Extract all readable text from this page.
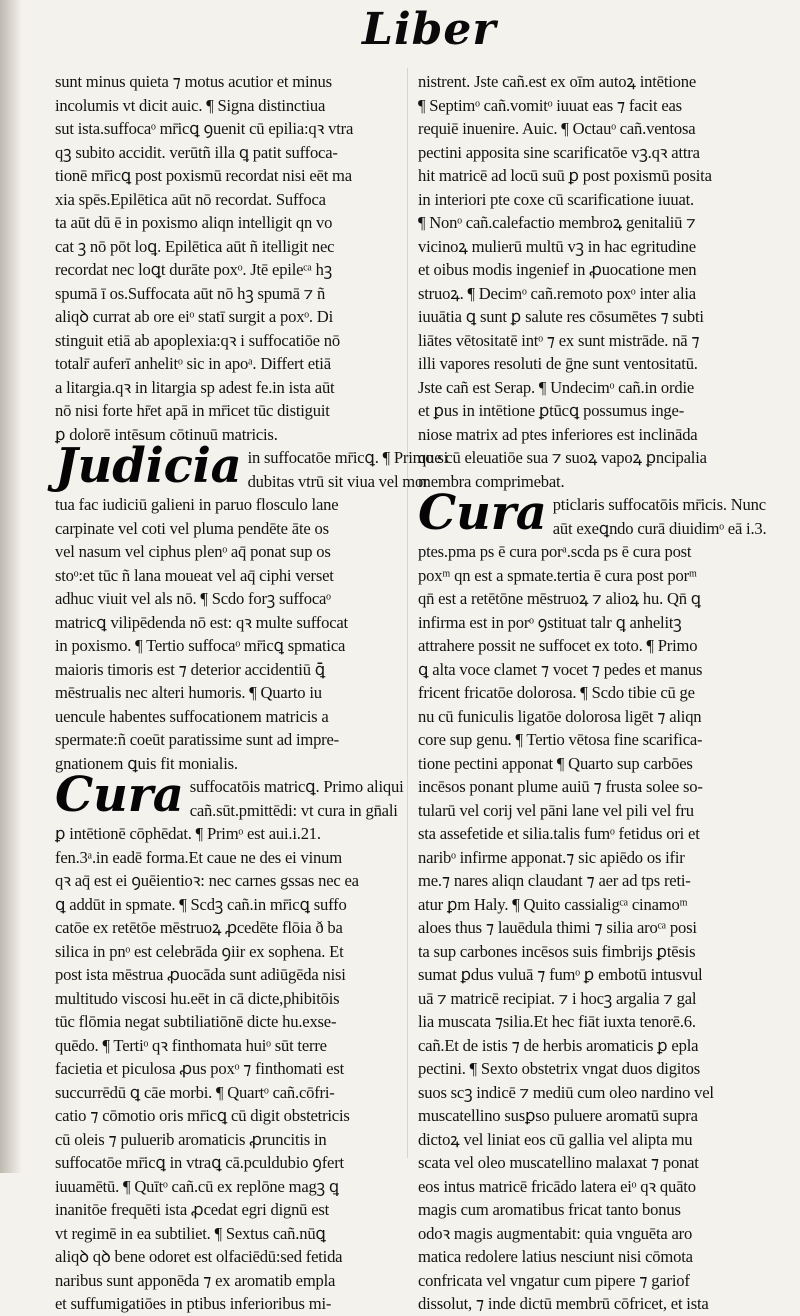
Liber
sunt minus quieta ⁊ motus acutior et minus
incolumis vt dicit auic. ¶ Signa distinctiua
sut ista.suffocaᵒ mr̄icꝗ ꝯuenit cū epilia:qꝛ vtra
qꝫ subito accidit. verūtñ illa ꝗ patit suffoca-
tionē mr̄icꝗ post poxismū recordat nisi eēt ma
xia spēs.Epilētica aūt nō recordat. Suffoca
ta aūt dū ē in poxismo aliqn intelligit qn vo
cat ꝫ nō pōt loꝗ. Epilētica aūt ñ itelligit nec
recordat nec loꝗt durāte poxᵒ. Jtē epileᶜᵃ hꝫ
spumā ī os.Suffocata aūt nō hꝫ spumā ⁊ ñ
aliqꝺ currat ab ore eiᵒ statī surgit a poxᵒ. Di
stinguit etiā ab apoplexia:qꝛ i suffocatiōe nō
totalr̄ auferī anhelitᵒ sic in apoᵃ. Differt etiā
a litargia.qꝛ in litargia sp adest fe.in ista aūt
nō nisi forte hr̄et apā in mr̄icet tūc distiguit
ꝑ dolorē intēsum cōtinuū matricis.
Judicia in suffocatōe mr̄icꝗ. ¶ Primo si
dubitas vtrū sit viua vel mor
tua fac iudiciū galieni in paruo flosculo lane
carpinate vel coti vel pluma pendēte āte os
vel nasum vel ciphus plenᵒ aq̄ ponat sup os
stoᵒ:et tūc ñ lana moueat vel aq̄ ciphi verset
adhuc viuit vel als nō. ¶ Scdo forꝫ suffocaᵒ
matricꝗ vilipēdenda nō est: qꝛ multe suffocat
in poxismo. ¶ Tertio suffocaᵒ mr̄icꝗ spmatica
maioris timoris est ⁊ deterior accidentiū ꝗ̄
mēstrualis nec alteri humoris. ¶ Quarto iu
uencule habentes suffocationem matricis a
spermate:ñ coeūt paratissime sunt ad impre-
gnationem ꝗuis fit monialis.
Cura suffocatōis matricꝗ. Primo aliqui
cañ.sūt.pmittēdi: vt cura in gn̄ali
ꝑ intētionē cōphēdat. ¶ Primᵒ est aui.i.21.
fen.3ᵃ.in eadē forma.Et caue ne des ei vinum
qꝛ aq̄ est ei ꝯuēientioꝛ: nec carnes gssas nec ea
ꝗ addūt in spmate. ¶ Scdꝫ cañ.in mr̄icꝗ suffo
catōe ex retētōe mēstruoꝝ ꝓcedēte flōia ð ba
silica in pnᵒ est celebrāda ꝯiir ex sophena. Et
post ista mēstrua ꝓuocāda sunt adiūgēda nisi
multitudo viscosi hu.eēt in cā dicte,phibitōis
tūc flōmia negat subtiliatiōnē dicte hu.exse-
quēdo. ¶ Tertiᵒ qꝛ finthomata huiᵒ sūt terre
facietia et piculosa ꝓus poxᵒ ⁊ finthomati est
succurrēdū ꝗ cāe morbi. ¶ Quartᵒ cañ.cōfri-
catio ⁊ cōmotio oris mr̄icꝗ cū digit obstetricis
cū oleis ⁊ puluerib aromaticis ꝓruncitis in
suffocatōe mr̄icꝗ in vtraꝗ cā.pculdubio ꝯfert
iuuamētū. ¶ Quītᵒ cañ.cū ex replōne magꝫ ꝗ
inanitōe frequēti ista ꝓcedat egri dignū est
vt regimē in ea subtiliet. ¶ Sextus cañ.nūꝗ
aliqꝺ qꝺ bene odoret est olfaciēdū:sed fetida
naribus sunt apponēda ⁊ ex aromatib empla
et suffumigatiōes in ptibus inferioribus mi-
nistrent. Jste cañ.est ex oīm autoꝝ intētione
¶ Septimᵒ cañ.vomitᵒ iuuat eas ⁊ facit eas
requiē inuenire. Auic. ¶ Octauᵒ cañ.ventosa
pectini apposita sine scarificatōe vꝫ.qꝛ attra
hit matricē ad locū suū ꝑ post poxismū posita
in interiori pte coxe cū scarificatione iuuat.
¶ Nonᵒ cañ.calefactio membroꝝ genitaliū ⁊
vicinoꝝ mulierū multū vꝫ in hac egritudine
et oibus modis ingenief in ꝓuocatione men
struoꝝ. ¶ Decimᵒ cañ.remoto poxᵒ inter alia
iuuātia ꝗ sunt ꝑ salute res cōsumētes ⁊ subti
liātes vētositatē intᵒ ⁊ ex sunt mistrāde. nā ⁊
illi vapores resoluti de ḡne sunt ventositatū.
Jste cañ est Serap. ¶ Undecimᵒ cañ.in ordie
et ꝑus in intētione ꝑtūcꝗ possumus inge-
niose matrix ad ptes inferiores est inclināda
que cū eleuatiōe sua ⁊ suoꝝ vapoꝝ ꝑncipalia
membra comprimebat.
Cura pticlaris suffocatōis mr̄icis. Nunc
aūt exeꝗndo curā diuidimᵒ eā i.3.
ptes.pma ps ē cura porᵃ.scda ps ē cura post
poxᵐ qn est a spmate.tertia ē cura post porᵐ
qn̄ est a retētōne mēstruoꝝ ⁊ alioꝝ hu. Qn̄ ꝗ
infirma est in porᵒ ꝯstituat talr ꝗ anhelitꝫ
attrahere possit ne suffocet ex toto. ¶ Primo
ꝗ alta voce clamet ⁊ vocet ⁊ pedes et manus
fricent fricatōe dolorosa. ¶ Scdo tibie cū ge
nu cū funiculis ligatōe dolorosa ligēt ⁊ aliqn
core sup genu. ¶ Tertio vētosa fine scarifica-
tione pectini apponat ¶ Quarto sup carbōes
incēsos ponant plume auiū ⁊ frusta solee so-
tularū vel corij vel pāni lane vel pili vel fru
sta assefetide et silia.talis fumᵒ fetidus ori et
naribᵒ infirme apponat.⁊ sic apiēdo os ifir
me.⁊ nares aliqn claudant ⁊ aer ad tps reti-
atur ꝑm Haly. ¶ Quito cassialigᶜᵃ cinamoᵐ
aloes thus ⁊ lauēdula thimi ⁊ silia aroᶜᵃ posi
ta sup carbones incēsos suis fimbrijs ꝑtēsis
sumat ꝑdus vuluā ⁊ fumᵒ ꝑ embotū intusvul
uā ⁊ matricē recipiat. ⁊ i hocꝫ argalia ⁊ gal
lia muscata ⁊silia.Et hec fiāt iuxta tenorē.6.
cañ.Et de istis ⁊ de herbis aromaticis ꝑ epla
pectini. ¶ Sexto obstetrix vngat duos digitos
suos scꝫ indicē ⁊ mediū cum oleo nardino vel
muscatellino susꝑso puluere aromatū supra
dictoꝝ vel liniat eos cū gallia vel alipta mu
scata vel oleo muscatellino malaxat ⁊ ponat
eos intus matricē fricādo latera eiᵒ qꝛ quāto
magis cum aromatibus fricat tanto bonus
odoꝛ magis augmentabit: quia vnguēta aro
matica redolere latius nesciunt nisi cōmota
confricata vel vngatur cum pipere ⁊ gariof
dissolut, ⁊ inde dictū membrū cōfricet, et ista
